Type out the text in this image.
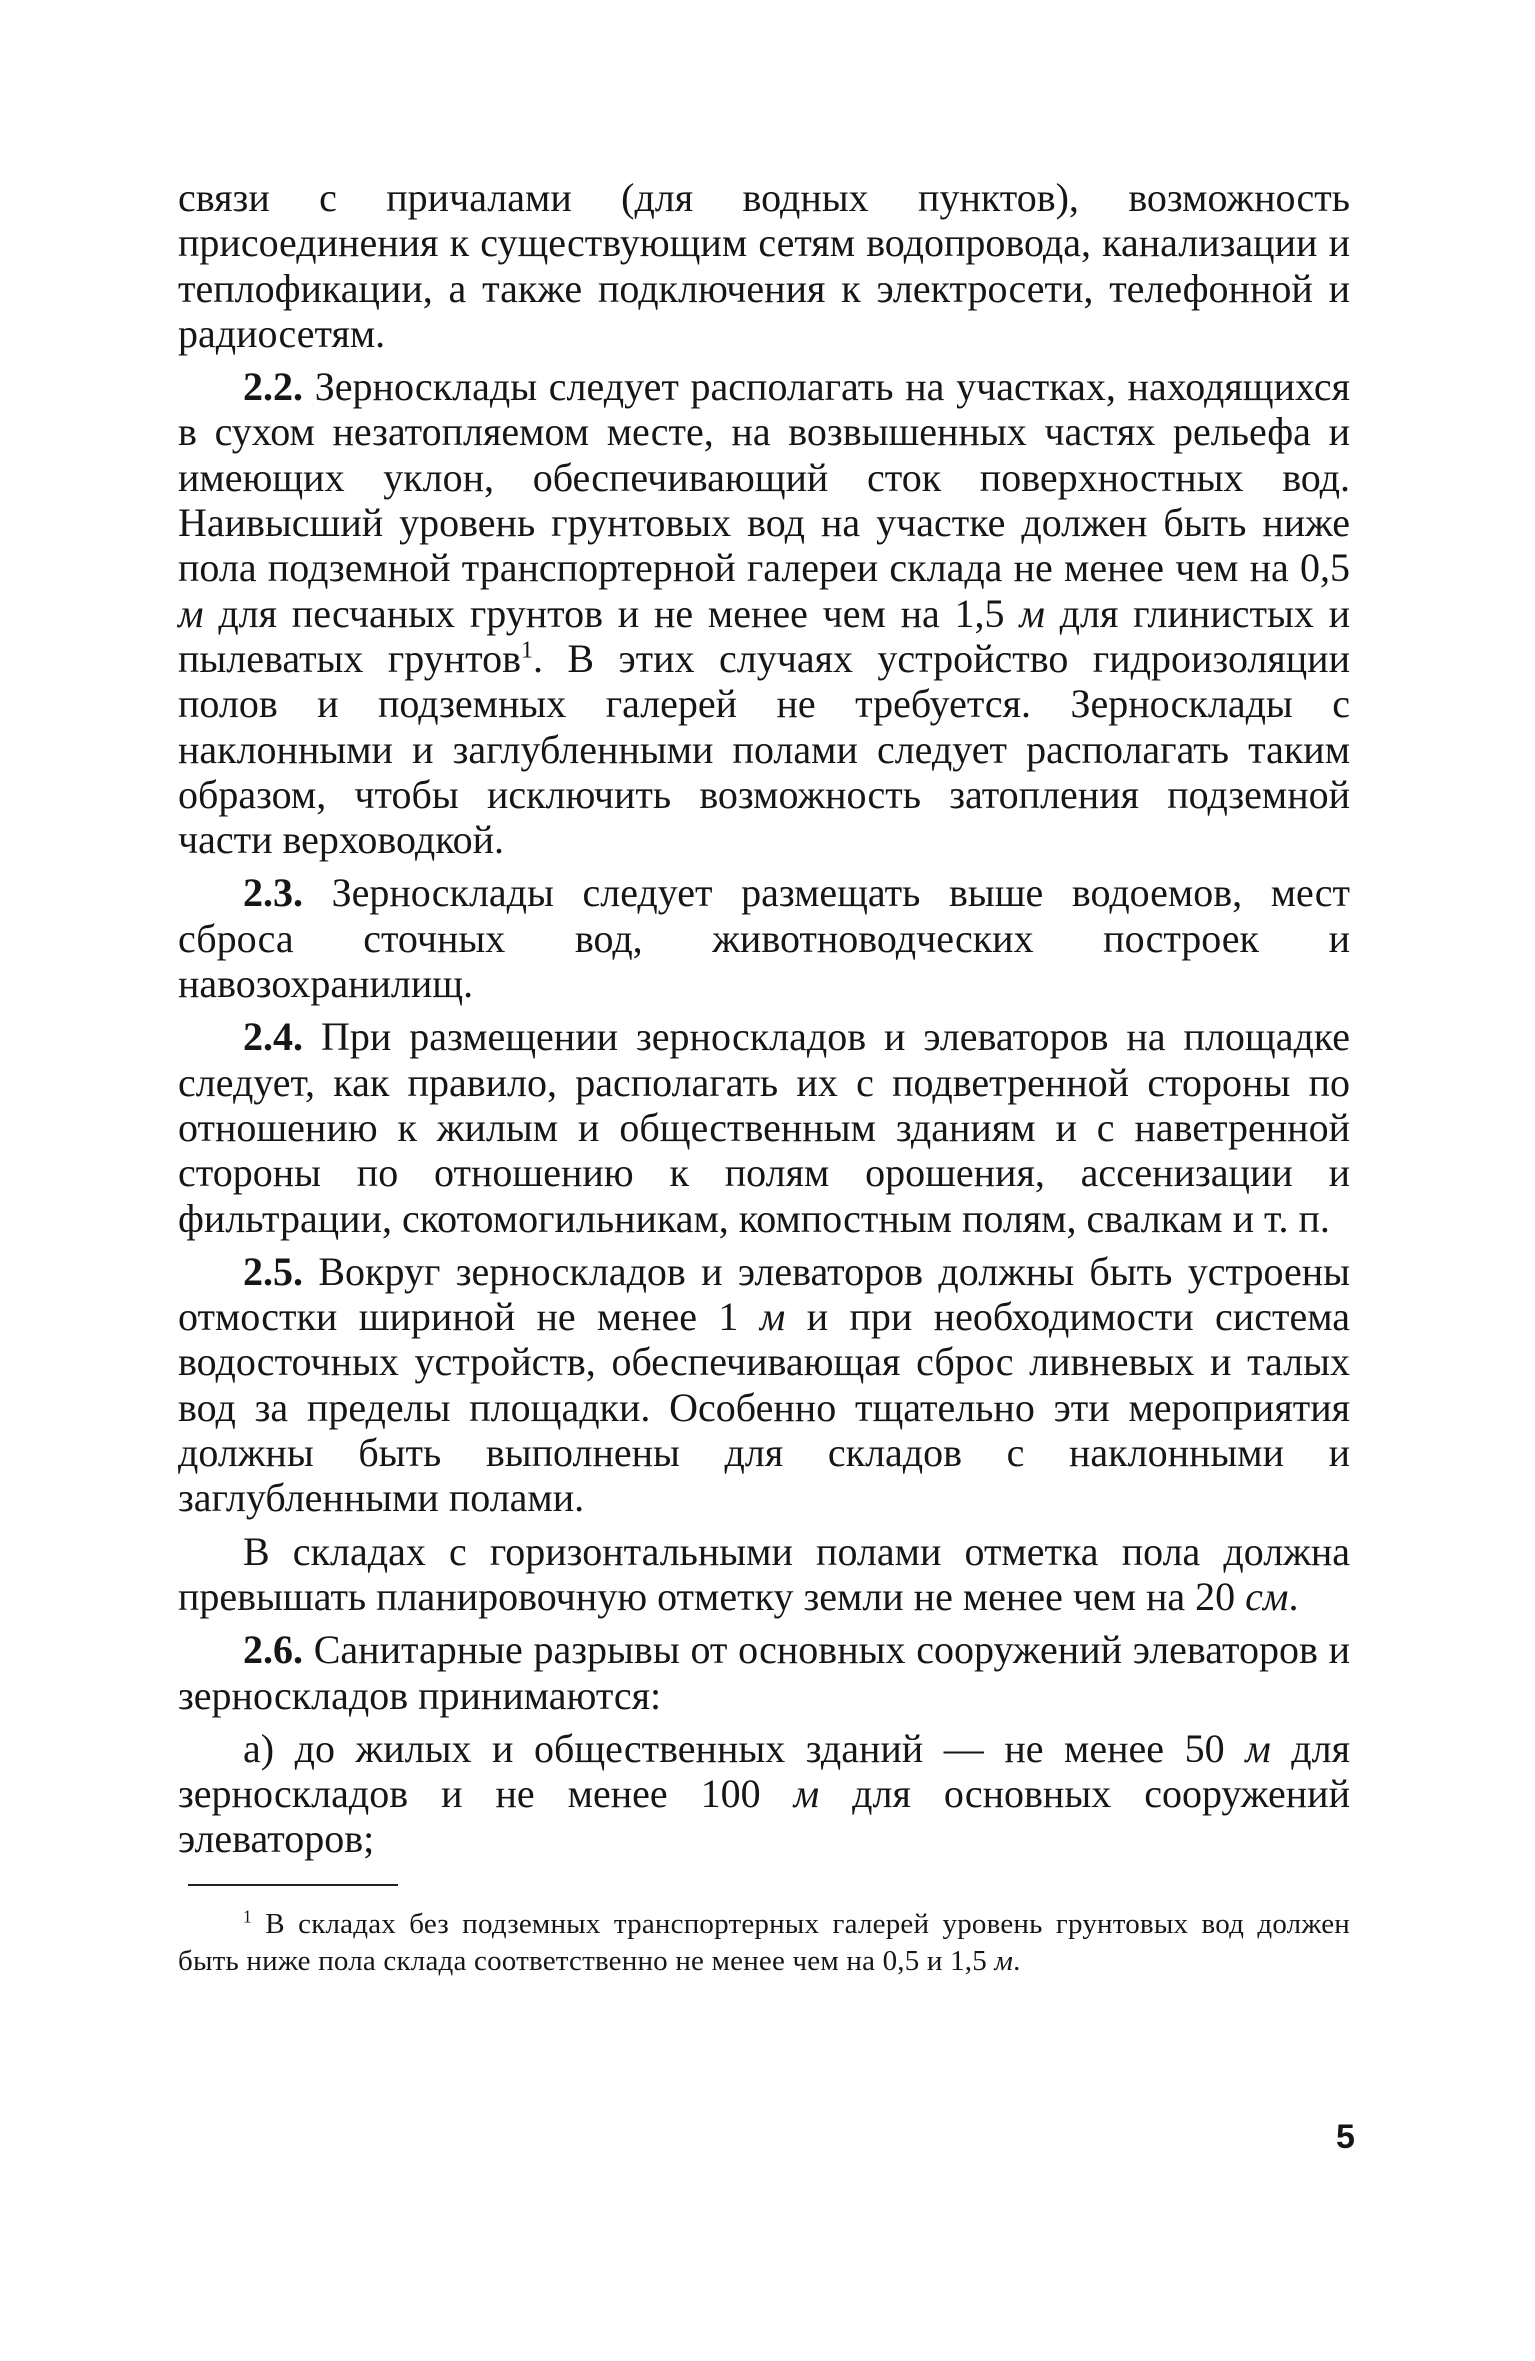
связи с причалами (для водных пунктов), возможность присоединения к существующим сетям водопровода, канализации и теплофикации, а также подключения к электросети, телефонной и радиосетям.

2.2. Зерносклады следует располагать на участках, находящихся в сухом незатопляемом месте, на возвышенных частях рельефа и имеющих уклон, обеспечивающий сток поверхностных вод. Наивысший уровень грунтовых вод на участке должен быть ниже пола подземной транспортерной галереи склада не менее чем на 0,5 м для песчаных грунтов и не менее чем на 1,5 м для глинистых и пылеватых грунтов$^1$. В этих случаях устройство гидроизоляции полов и подземных галерей не требуется. Зерносклады с наклонными и заглубленными полами следует располагать таким образом, чтобы исключить возможность затопления подземной части верховодкой.

2.3. Зерносклады следует размещать выше водоемов, мест сброса сточных вод, животноводческих построек и навозохранилищ.

2.4. При размещении зерноскладов и элеваторов на площадке следует, как правило, располагать их с подветренной стороны по отношению к жилым и общественным зданиям и с наветренной стороны по отношению к полям орошения, ассенизации и фильтрации, скотомогильникам, компостным полям, свалкам и т. п.

2.5. Вокруг зерноскладов и элеваторов должны быть устроены отмостки шириной не менее 1 м и при необходимости система водосточных устройств, обеспечивающая сброс ливневых и талых вод за пределы площадки. Особенно тщательно эти мероприятия должны быть выполнены для складов с наклонными и заглубленными полами.

В складах с горизонтальными полами отметка пола должна превышать планировочную отметку земли не менее чем на 20 см.

2.6. Санитарные разрывы от основных сооружений элеваторов и зерноскладов принимаются:

а) до жилых и общественных зданий — не менее 50 м для зерноскладов и не менее 100 м для основных сооружений элеваторов;

$^1$ В складах без подземных транспортерных галерей уровень грунтовых вод должен быть ниже пола склада соответственно не менее чем на 0,5 и 1,5 м.

5
